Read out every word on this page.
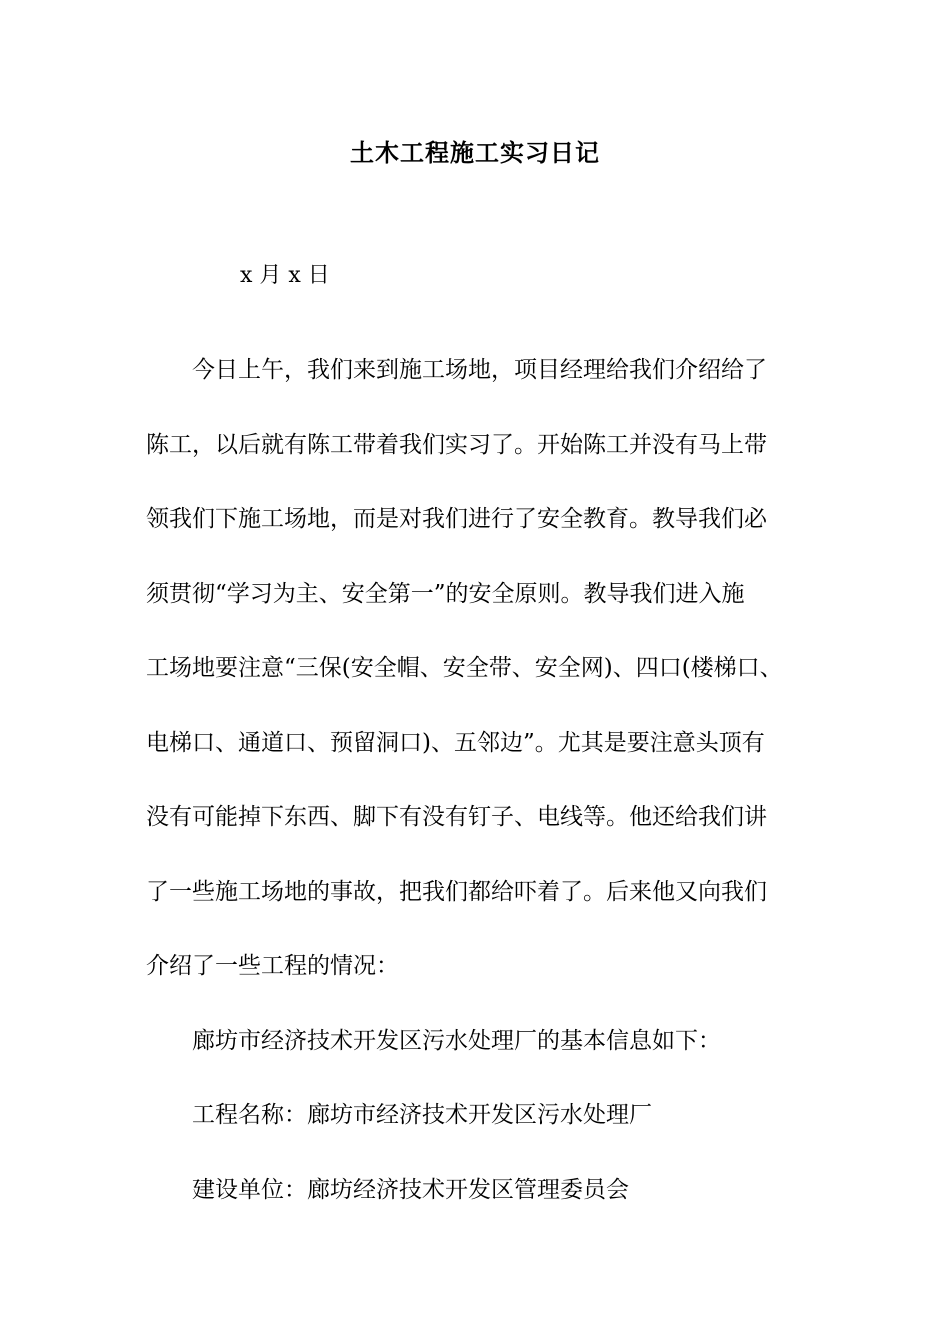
土木工程施工实习日记
x 月 x 日
今日上午，我们来到施工场地，项目经理给我们介绍给了
陈工，以后就有陈工带着我们实习了。开始陈工并没有马上带
领我们下施工场地，而是对我们进行了安全教育。教导我们必
须贯彻“学习为主、安全第一”的安全原则。教导我们进入施
工场地要注意“三保(安全帽、安全带、安全网)、四口(楼梯口、
电梯口、通道口、预留洞口)、五邻边”。尤其是要注意头顶有
没有可能掉下东西、脚下有没有钉子、电线等。他还给我们讲
了一些施工场地的事故，把我们都给吓着了。后来他又向我们
介绍了一些工程的情况：
廊坊市经济技术开发区污水处理厂的基本信息如下：
工程名称：廊坊市经济技术开发区污水处理厂
建设单位：廊坊经济技术开发区管理委员会
